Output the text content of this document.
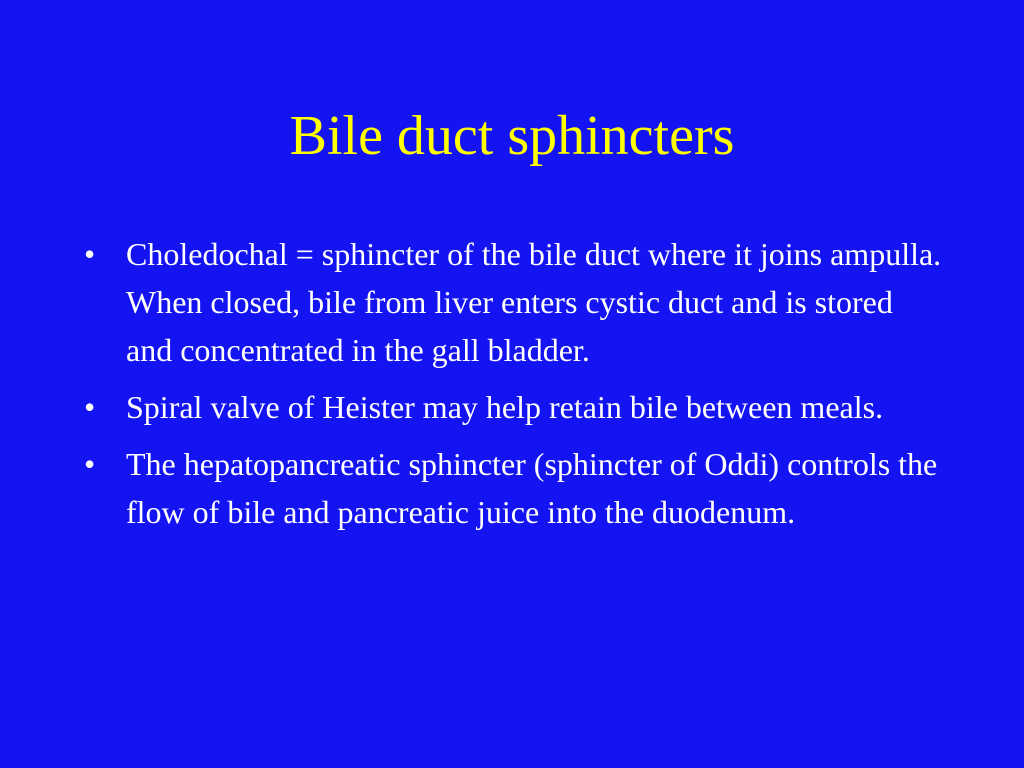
Bile duct sphincters
• Choledochal = sphincter of the bile duct where it joins ampulla. When closed, bile from liver enters cystic duct and is stored and concentrated in the gall bladder.
• Spiral valve of Heister may help retain bile between meals.
• The hepatopancreatic sphincter (sphincter of Oddi) controls the flow of bile and pancreatic juice into the duodenum.
